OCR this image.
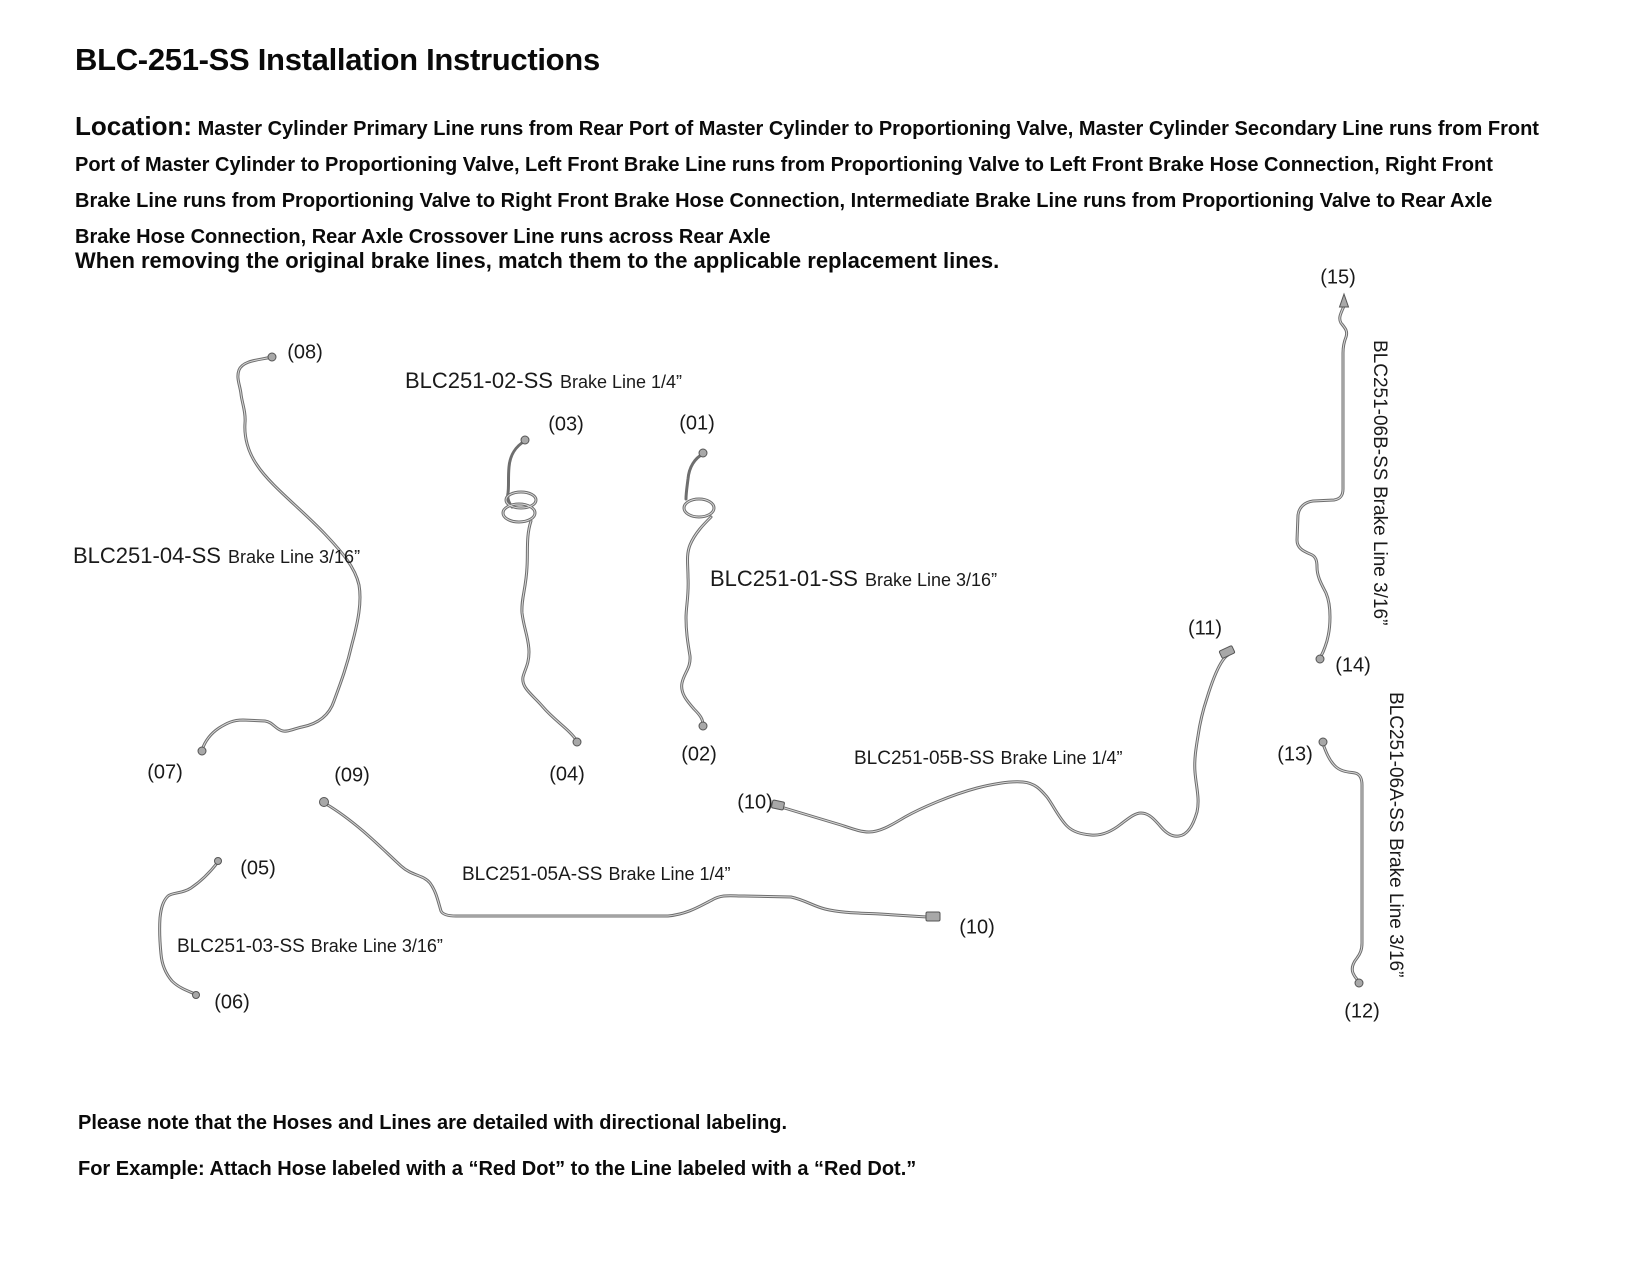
BLC-251-SS Installation Instructions

Location: Master Cylinder Primary Line runs from Rear Port of Master Cylinder to Proportioning Valve, Master Cylinder Secondary Line runs from Front Port of Master Cylinder to Proportioning Valve, Left Front Brake Line runs from Proportioning Valve to Left Front Brake Hose Connection, Right Front Brake Line runs from Proportioning Valve to Right Front Brake Hose Connection, Intermediate Brake Line runs from Proportioning Valve to Rear Axle Brake Hose Connection, Rear Axle Crossover Line runs across Rear Axle

When removing the original brake lines, match them to the applicable replacement lines.
BLC251-04-SS Brake Line 3/16”
BLC251-02-SS Brake Line 1/4”
BLC251-01-SS Brake Line 3/16”
BLC251-03-SS Brake Line 3/16”
BLC251-05A-SS Brake Line 1/4”
BLC251-05B-SS Brake Line 1/4”
BLC251-06B-SSBrake Line 3/16”
BLC251-06A-SSBrake Line 3/16”
(01)
(02)
(03)
(04)
(05)
(06)
(07)
(08)
(09)
(10)
(10)
(11)
(12)
(13)
(14)
(15)
Please note that the Hoses and Lines are detailed with directional labeling.
For Example: Attach Hose labeled with a “Red Dot” to the Line labeled with a “Red Dot.”
